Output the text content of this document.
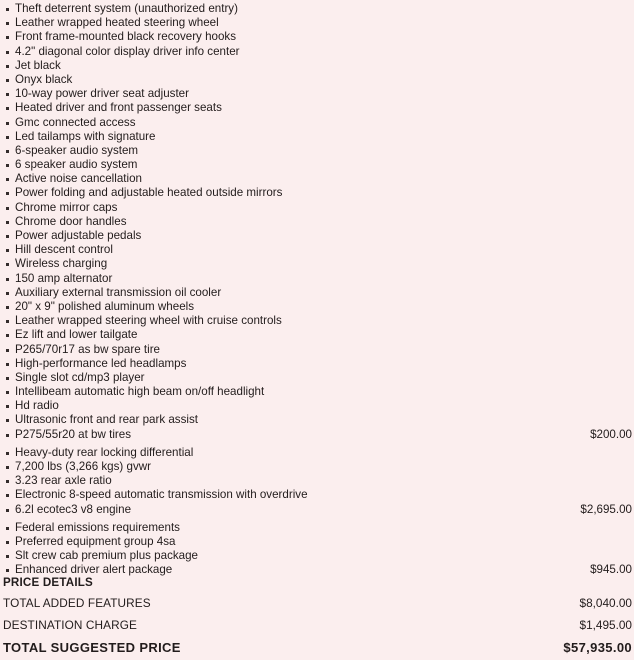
Theft deterrent system (unauthorized entry)
Leather wrapped heated steering wheel
Front frame-mounted black recovery hooks
4.2" diagonal color display driver info center
Jet black
Onyx black
10-way power driver seat adjuster
Heated driver and front passenger seats
Gmc connected access
Led tailamps with signature
6-speaker audio system
6 speaker audio system
Active noise cancellation
Power folding and adjustable heated outside mirrors
Chrome mirror caps
Chrome door handles
Power adjustable pedals
Hill descent control
Wireless charging
150 amp alternator
Auxiliary external transmission oil cooler
20" x 9" polished aluminum wheels
Leather wrapped steering wheel with cruise controls
Ez lift and lower tailgate
P265/70r17 as bw spare tire
High-performance led headlamps
Single slot cd/mp3 player
Intellibeam automatic high beam on/off headlight
Hd radio
Ultrasonic front and rear park assist
P275/55r20 at bw tires	$200.00
Heavy-duty rear locking differential
7,200 lbs (3,266 kgs) gvwr
3.23 rear axle ratio
Electronic 8-speed automatic transmission with overdrive
6.2l ecotec3 v8 engine	$2,695.00
Federal emissions requirements
Preferred equipment group 4sa
Slt crew cab premium plus package
Enhanced driver alert package	$945.00
PRICE DETAILS
TOTAL ADDED FEATURES	$8,040.00
DESTINATION CHARGE	$1,495.00
TOTAL SUGGESTED PRICE	$57,935.00
